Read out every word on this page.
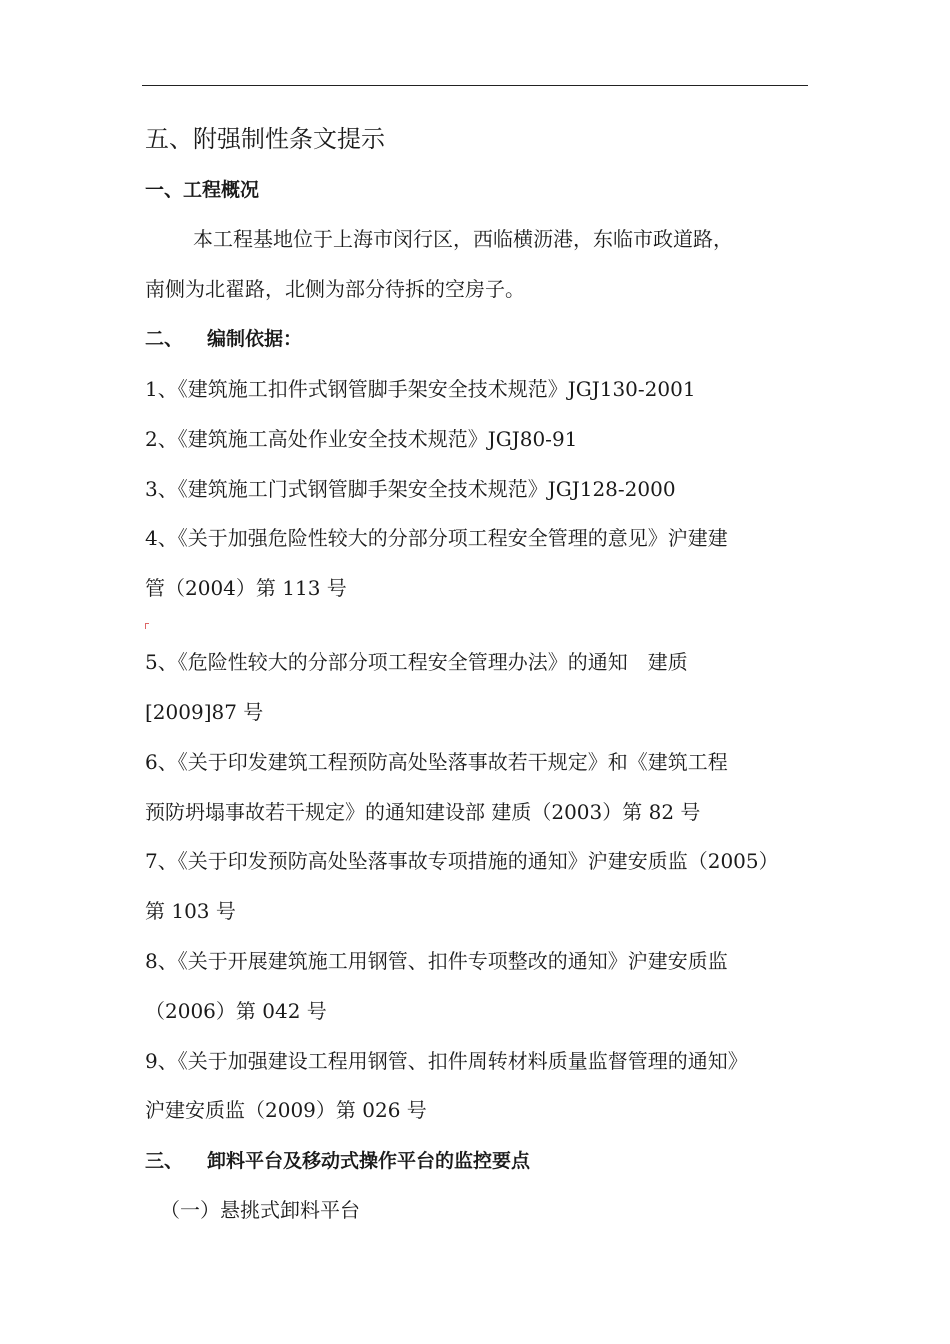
五、附强制性条文提示
一、工程概况
本工程基地位于上海市闵行区，西临横沥港，东临市政道路，
南侧为北翟路，北侧为部分待拆的空房子。
二、 编制依据：
1、《建筑施工扣件式钢管脚手架安全技术规范》JGJ130-2001
2、《建筑施工高处作业安全技术规范》JGJ80-91
3、《建筑施工门式钢管脚手架安全技术规范》JGJ128-2000
4、《关于加强危险性较大的分部分项工程安全管理的意见》沪建建
管（2004）第 113 号
5、《危险性较大的分部分项工程安全管理办法》的通知　建质
[2009]87 号
6、《关于印发建筑工程预防高处坠落事故若干规定》和《建筑工程
预防坍塌事故若干规定》的通知建设部 建质（2003）第 82 号
7、《关于印发预防高处坠落事故专项措施的通知》沪建安质监（2005）
第 103 号
8、《关于开展建筑施工用钢管、扣件专项整改的通知》沪建安质监
（2006）第 042 号
9、《关于加强建设工程用钢管、扣件周转材料质量监督管理的通知》
沪建安质监（2009）第 026 号
三、 卸料平台及移动式操作平台的监控要点
（一）悬挑式卸料平台
